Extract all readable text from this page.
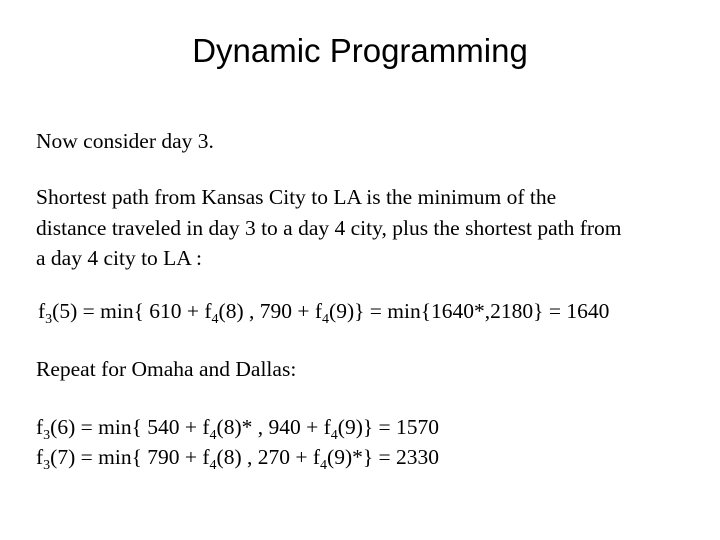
Dynamic Programming
Now consider day 3.
Shortest path from Kansas City to LA is the minimum of the
distance traveled in day 3 to a day 4 city, plus the shortest path from
a day 4 city to LA :
$f_3(5) = \min${ $610 + f_4(8)$ , $790 + f_4(9)\} = \min\{1640*,2180\} = 1640$
Repeat for Omaha and Dallas:
$f_3(6) = \min${ $540 + f_4(8)*$ , $940 + f_4(9)\} = 1570$
$f_3(7) = \min${ $790 + f_4(8)$ , $270 + f_4(9)*\} = 2330$
